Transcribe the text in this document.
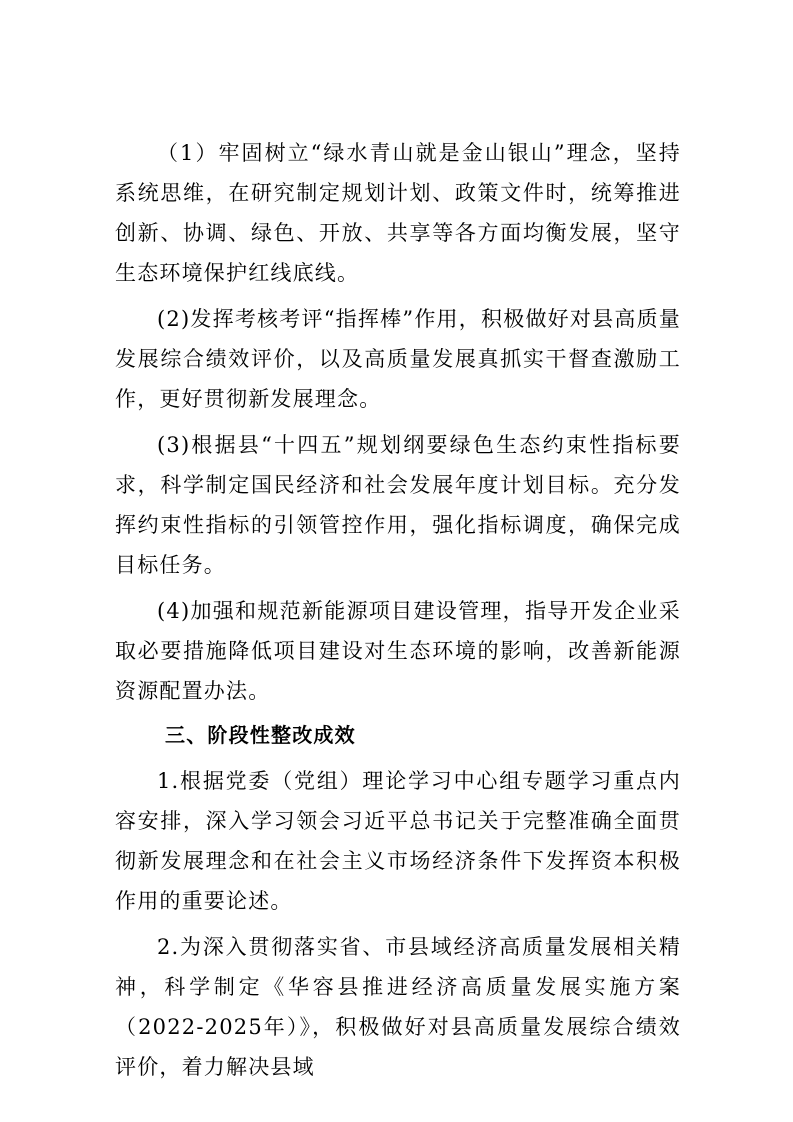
（1）牢固树立“绿水青山就是金山银山”理念，坚持系统思维，在研究制定规划计划、政策文件时，统筹推进创新、协调、绿色、开放、共享等各方面均衡发展，坚守生态环境保护红线底线。

(2)发挥考核考评“指挥棒”作用，积极做好对县高质量发展综合绩效评价，以及高质量发展真抓实干督查激励工作，更好贯彻新发展理念。

(3)根据县“十四五”规划纲要绿色生态约束性指标要求，科学制定国民经济和社会发展年度计划目标。充分发挥约束性指标的引领管控作用，强化指标调度，确保完成目标任务。

(4)加强和规范新能源项目建设管理，指导开发企业采取必要措施降低项目建设对生态环境的影响，改善新能源资源配置办法。

三、阶段性整改成效

1.根据党委（党组）理论学习中心组专题学习重点内容安排，深入学习领会习近平总书记关于完整准确全面贯彻新发展理念和在社会主义市场经济条件下发挥资本积极作用的重要论述。

2.为深入贯彻落实省、市县域经济高质量发展相关精神，科学制定《华容县推进经济高质量发展实施方案（2022-2025年）》，积极做好对县高质量发展综合绩效评价，着力解决县域
